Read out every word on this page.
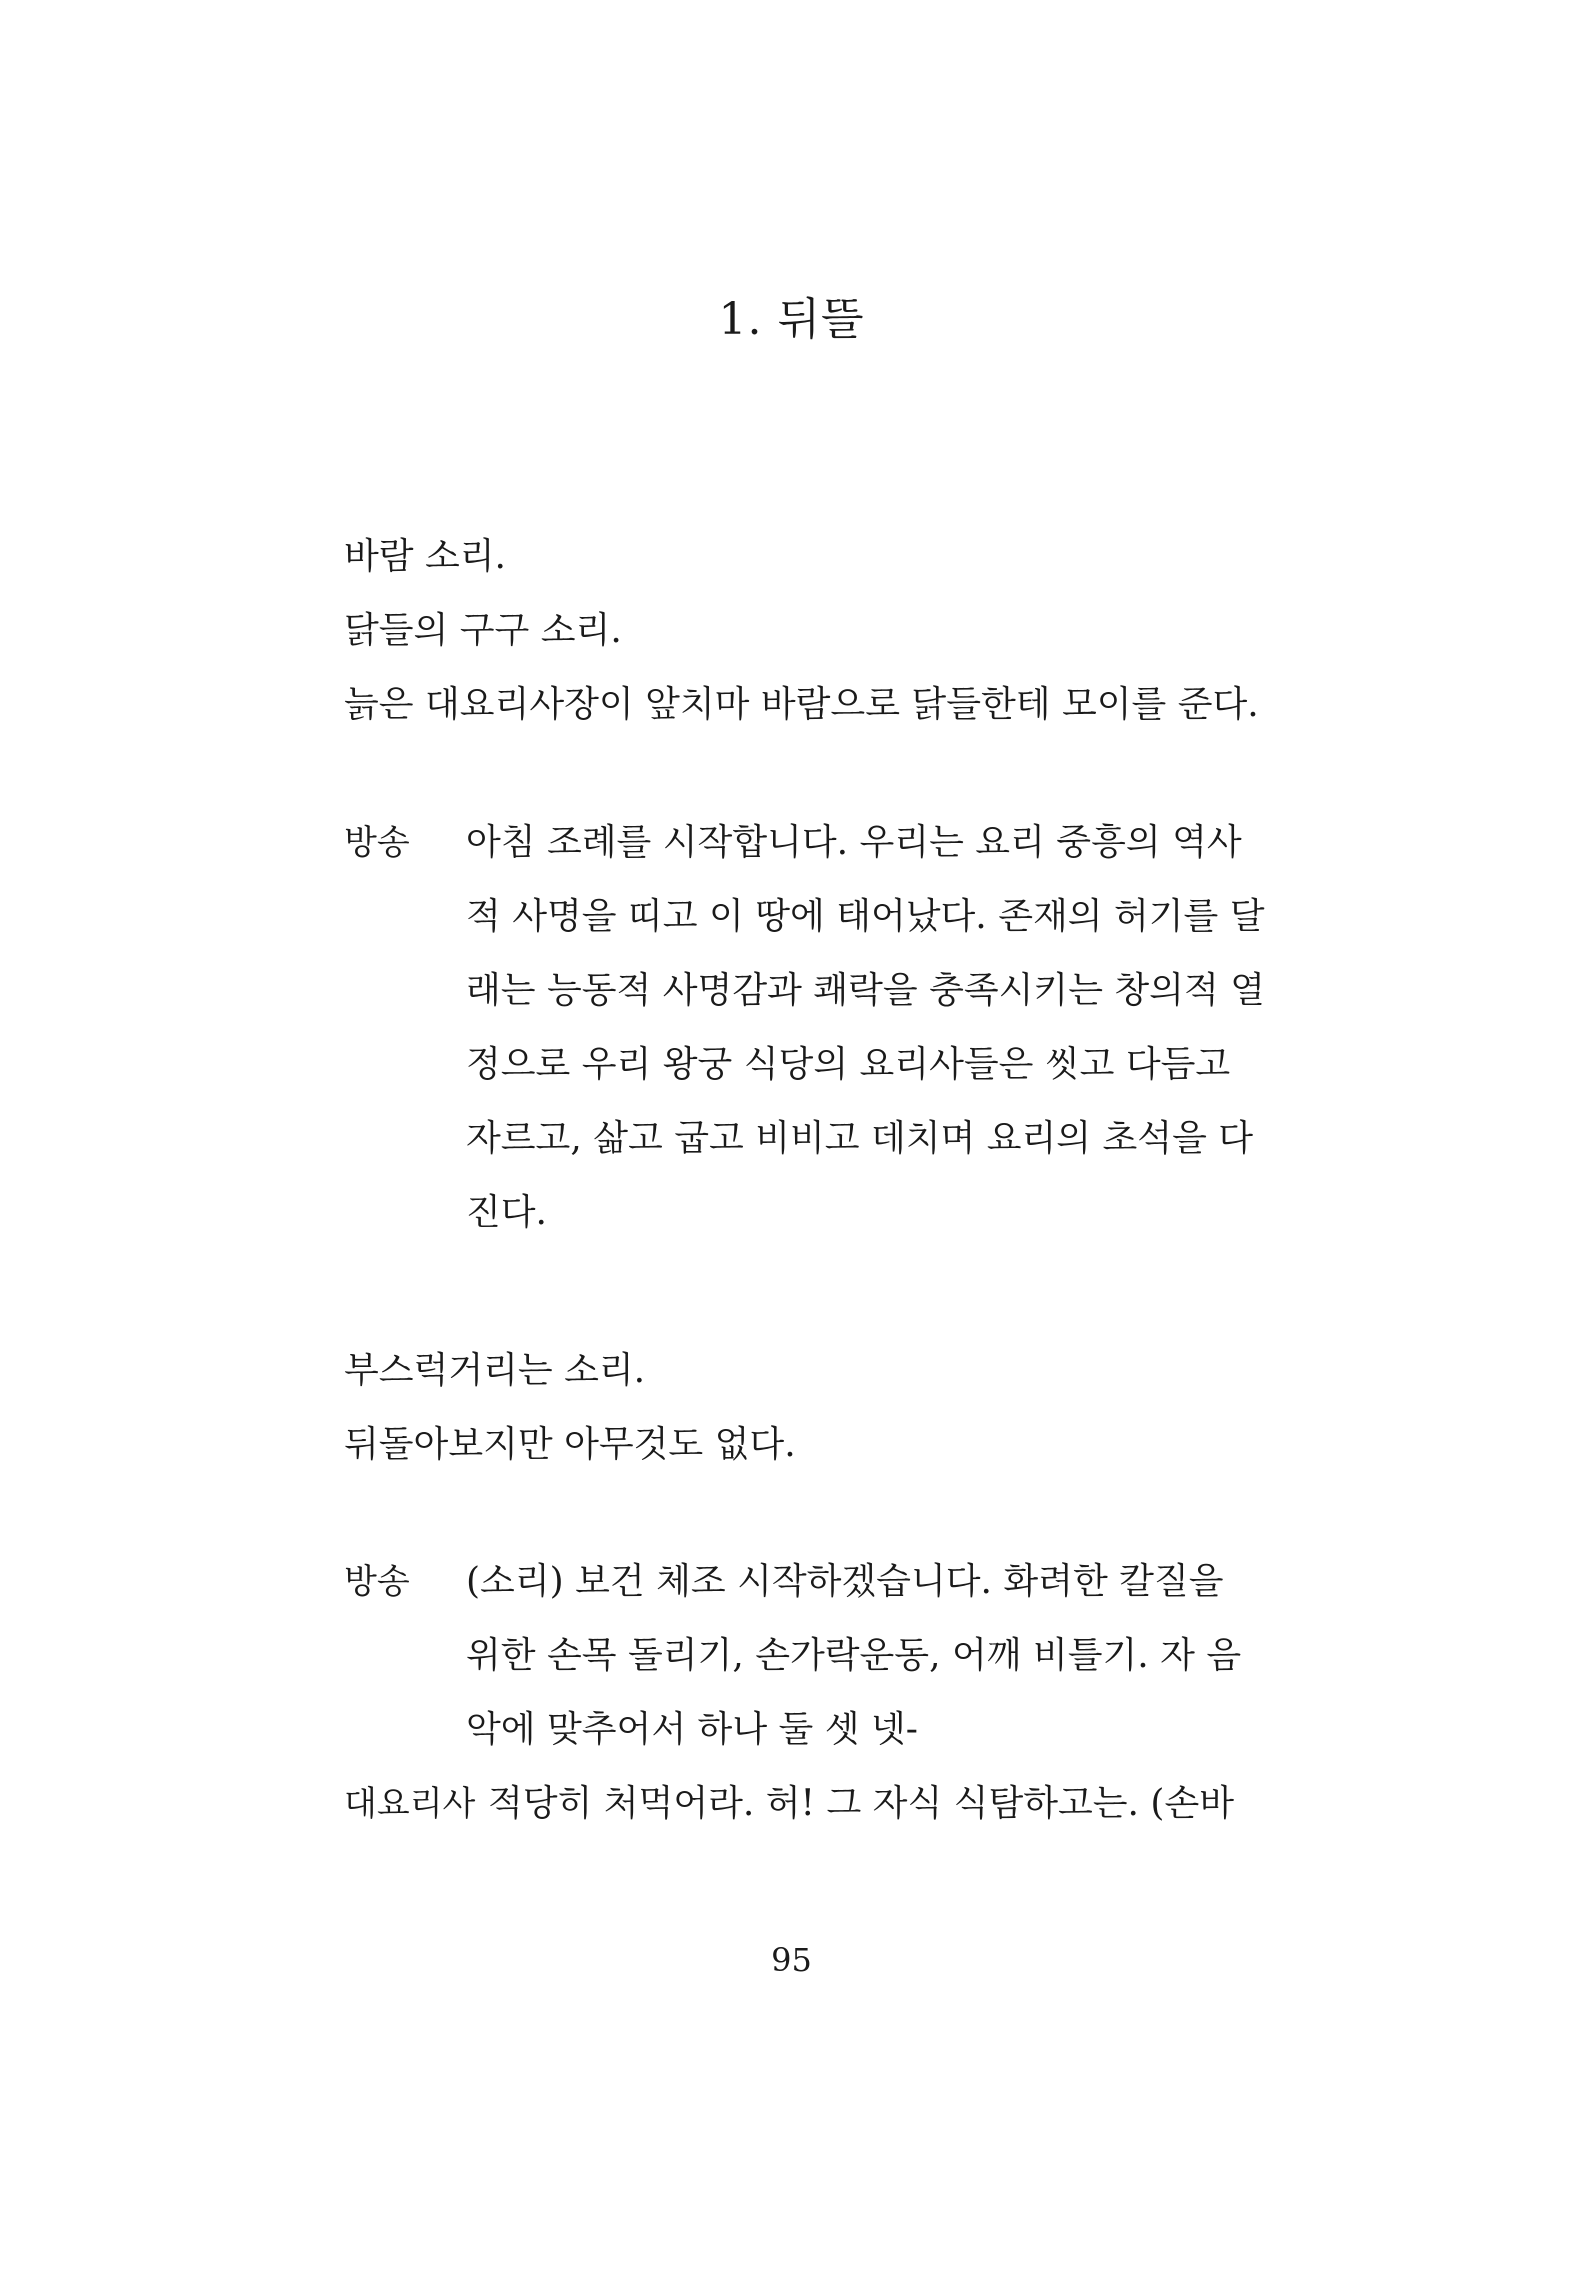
1. 뒤뜰
바람 소리.
닭들의 구구 소리.
늙은 대요리사장이 앞치마 바람으로 닭들한테 모이를 준다.
방송	아침 조례를 시작합니다. 우리는 요리 중흥의 역사
적 사명을 띠고 이 땅에 태어났다. 존재의 허기를 달
래는 능동적 사명감과 쾌락을 충족시키는 창의적 열
정으로 우리 왕궁 식당의 요리사들은 씻고 다듬고
자르고, 삶고 굽고 비비고 데치며 요리의 초석을 다
진다.
부스럭거리는 소리.
뒤돌아보지만 아무것도 없다.
방송	(소리) 보건 체조 시작하겠습니다. 화려한 칼질을
위한 손목 돌리기, 손가락운동, 어깨 비틀기. 자 음
악에 맞추어서 하나 둘 셋 넷-
대요리사 적당히 처먹어라. 허! 그 자식 식탐하고는. (손바
95
